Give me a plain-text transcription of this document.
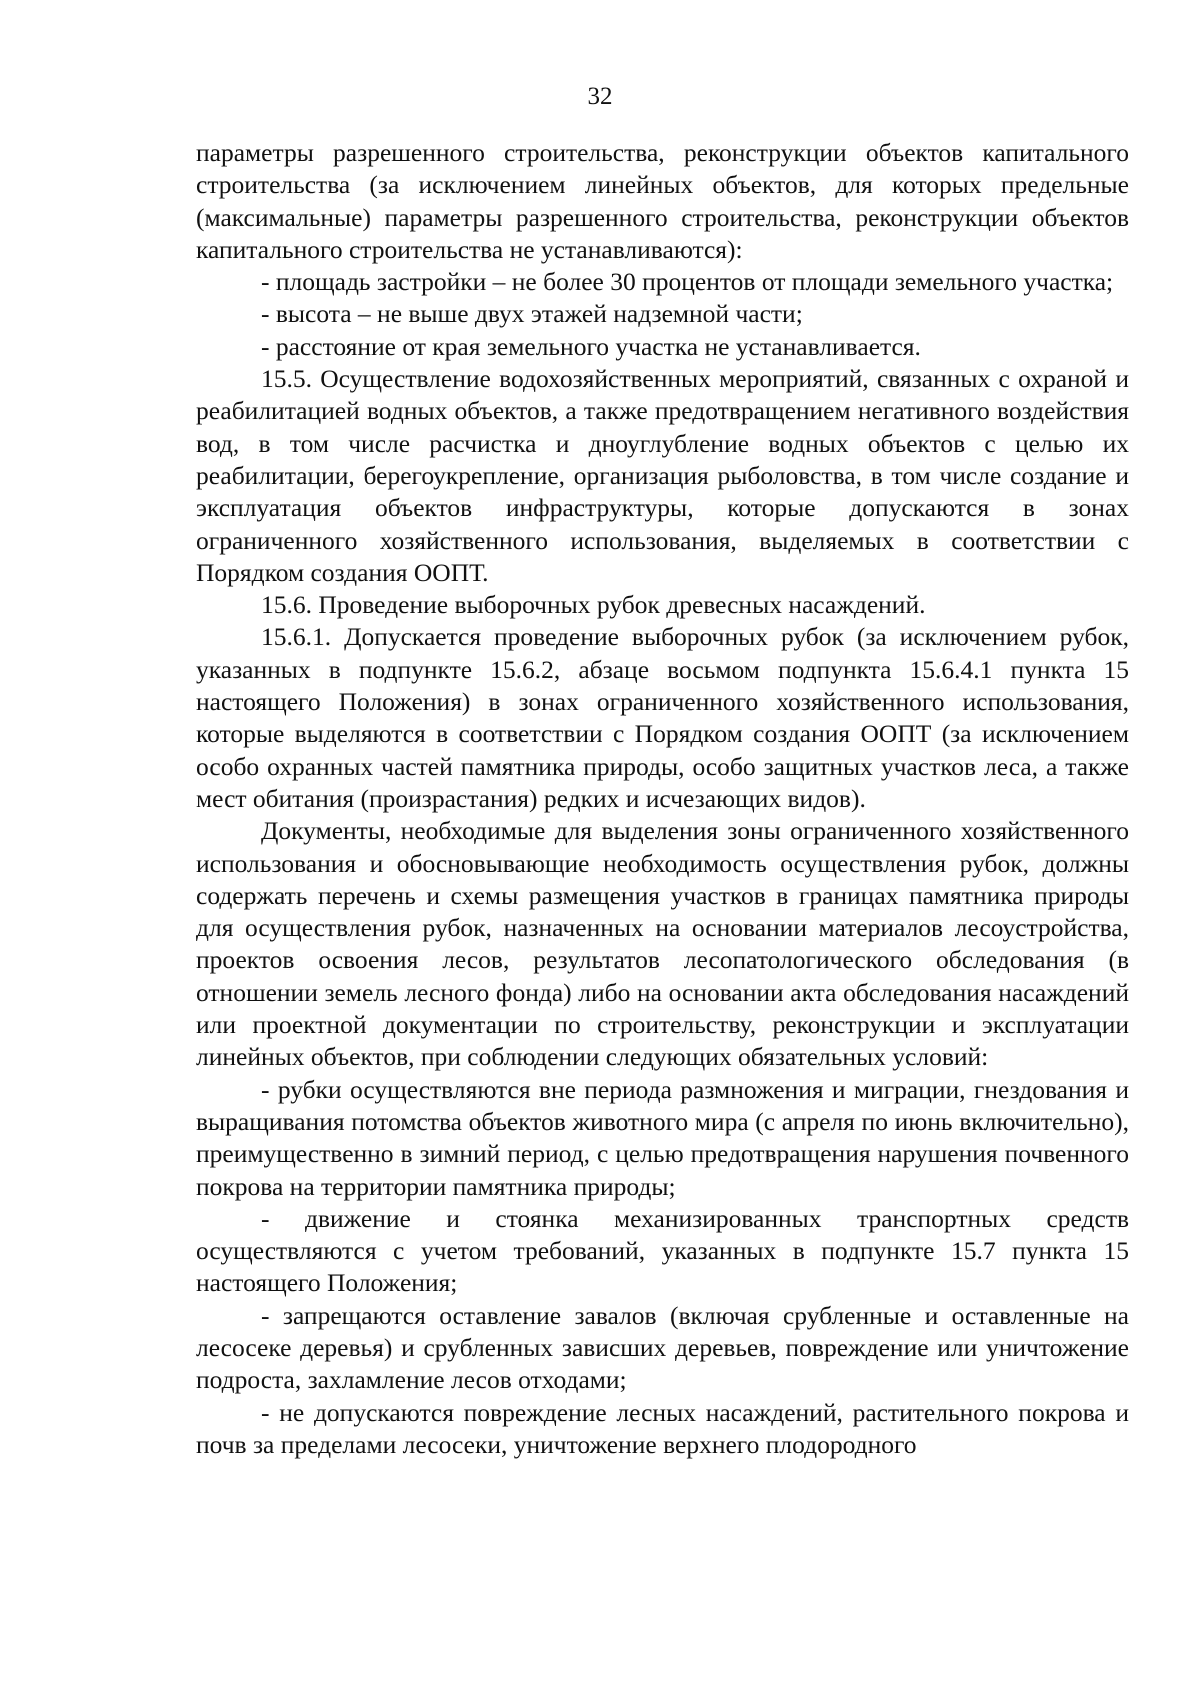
32

параметры разрешенного строительства, реконструкции объектов капитального строительства (за исключением линейных объектов, для которых предельные (максимальные) параметры разрешенного строительства, реконструкции объектов капитального строительства не устанавливаются):

- площадь застройки – не более 30 процентов от площади земельного участка;

- высота – не выше двух этажей надземной части;

- расстояние от края земельного участка не устанавливается.

15.5. Осуществление водохозяйственных мероприятий, связанных с охраной и реабилитацией водных объектов, а также предотвращением негативного воздействия вод, в том числе расчистка и дноуглубление водных объектов с целью их реабилитации, берегоукрепление, организация рыболовства, в том числе создание и эксплуатация объектов инфраструктуры, которые допускаются в зонах ограниченного хозяйственного использования, выделяемых в соответствии с Порядком создания ООПТ.

15.6. Проведение выборочных рубок древесных насаждений.

15.6.1. Допускается проведение выборочных рубок (за исключением рубок, указанных в подпункте 15.6.2, абзаце восьмом подпункта 15.6.4.1 пункта 15 настоящего Положения) в зонах ограниченного хозяйственного использования, которые выделяются в соответствии с Порядком создания ООПТ (за исключением особо охранных частей памятника природы, особо защитных участков леса, а также мест обитания (произрастания) редких и исчезающих видов).

Документы, необходимые для выделения зоны ограниченного хозяйственного использования и обосновывающие необходимость осуществления рубок, должны содержать перечень и схемы размещения участков в границах памятника природы для осуществления рубок, назначенных на основании материалов лесоустройства, проектов освоения лесов, результатов лесопатологического обследования (в отношении земель лесного фонда) либо на основании акта обследования насаждений или проектной документации по строительству, реконструкции и эксплуатации линейных объектов, при соблюдении следующих обязательных условий:

- рубки осуществляются вне периода размножения и миграции, гнездования и выращивания потомства объектов животного мира (с апреля по июнь включительно), преимущественно в зимний период, с целью предотвращения нарушения почвенного покрова на территории памятника природы;

- движение и стоянка механизированных транспортных средств осуществляются с учетом требований, указанных в подпункте 15.7 пункта 15 настоящего Положения;

- запрещаются оставление завалов (включая срубленные и оставленные на лесосеке деревья) и срубленных зависших деревьев, повреждение или уничтожение подроста, захламление лесов отходами;

- не допускаются повреждение лесных насаждений, растительного покрова и почв за пределами лесосеки, уничтожение верхнего плодородного
